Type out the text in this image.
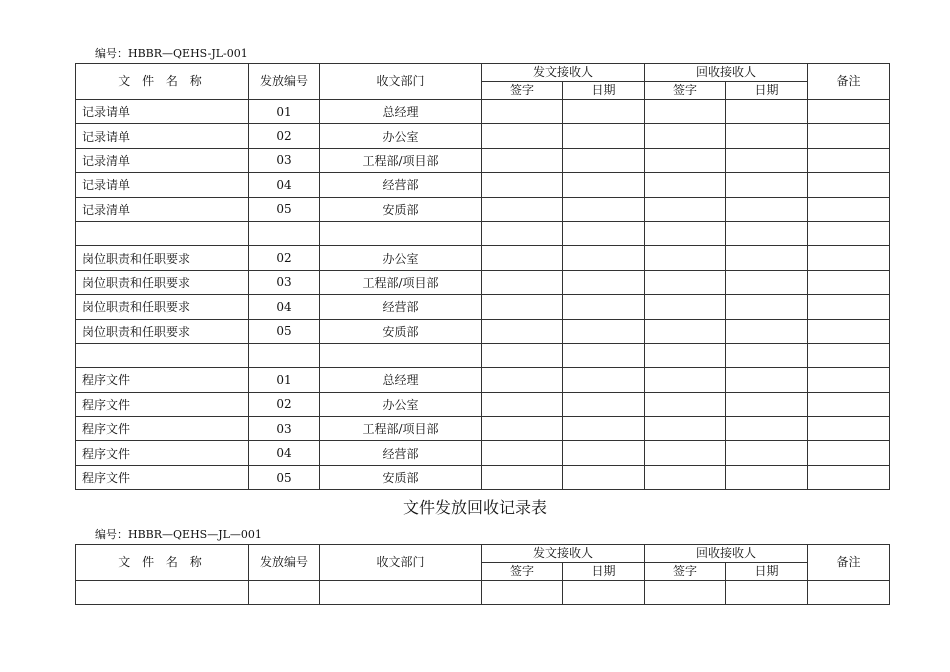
编号：HBBR—QEHS-JL-001
文 件 名 称	发放编号	收文部门	发文接收人		回收接收人		备注
			签字	日期	签字	日期	
记录请单	01	总经理					
记录请单	02	办公室					
记录清单	03	工程部/项目部					
记录请单	04	经营部					
记录清单	05	安质部					

岗位职责和任职要求	02	办公室					
岗位职责和任职要求	03	工程部/项目部					
岗位职责和任职要求	04	经营部					
岗位职责和任职要求	05	安质部					

程序文件	01	总经理					
程序文件	02	办公室					
程序文件	03	工程部/项目部					
程序文件	04	经营部					
程序文件	05	安质部					
文件发放回收记录表
编号：HBBR—QEHS—JL—001
文 件 名 称	发放编号	收文部门	发文接收人		回收接收人		备注
			签字	日期	签字	日期	
